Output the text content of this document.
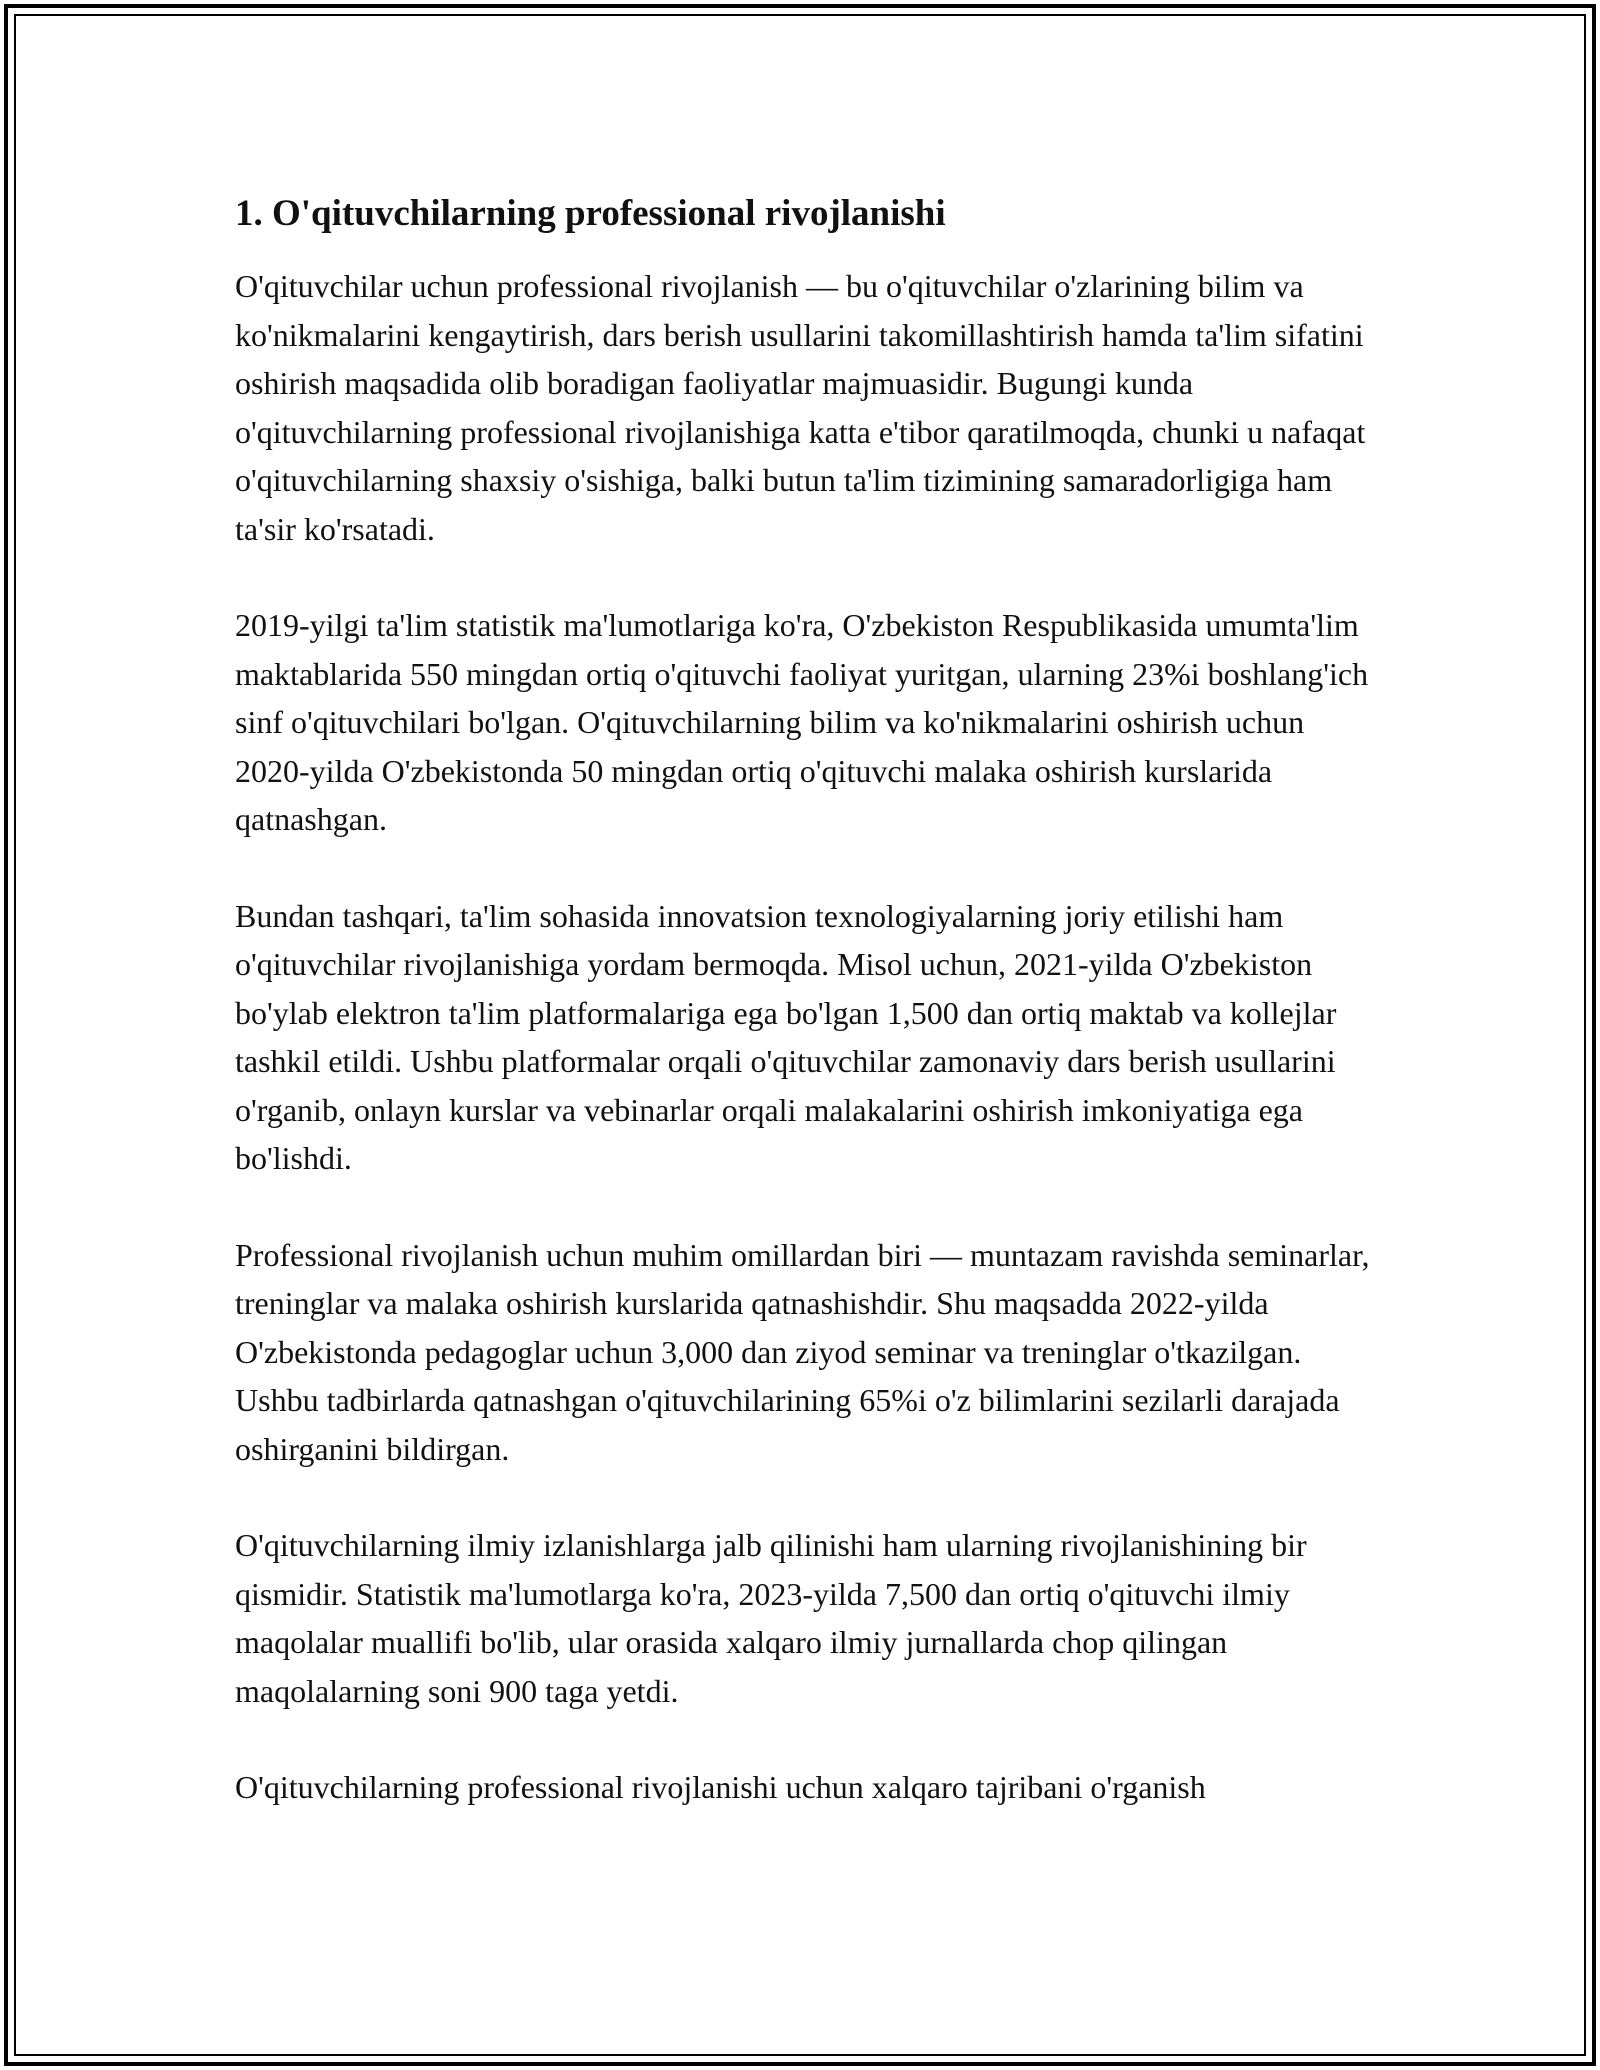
1. O'qituvchilarning professional rivojlanishi

O'qituvchilar uchun professional rivojlanish — bu o'qituvchilar o'zlarining bilim va ko'nikmalarini kengaytirish, dars berish usullarini takomillashtirish hamda ta'lim sifatini oshirish maqsadida olib boradigan faoliyatlar majmuasidir. Bugungi kunda o'qituvchilarning professional rivojlanishiga katta e'tibor qaratilmoqda, chunki u nafaqat o'qituvchilarning shaxsiy o'sishiga, balki butun ta'lim tizimining samaradorligiga ham ta'sir ko'rsatadi.

2019-yilgi ta'lim statistik ma'lumotlariga ko'ra, O'zbekiston Respublikasida umumta'lim maktablarida 550 mingdan ortiq o'qituvchi faoliyat yuritgan, ularning 23%i boshlang'ich sinf o'qituvchilari bo'lgan. O'qituvchilarning bilim va ko'nikmalarini oshirish uchun 2020-yilda O'zbekistonda 50 mingdan ortiq o'qituvchi malaka oshirish kurslarida qatnashgan.

Bundan tashqari, ta'lim sohasida innovatsion texnologiyalarning joriy etilishi ham o'qituvchilar rivojlanishiga yordam bermoqda. Misol uchun, 2021-yilda O'zbekiston bo'ylab elektron ta'lim platformalariga ega bo'lgan 1,500 dan ortiq maktab va kollejlar tashkil etildi. Ushbu platformalar orqali o'qituvchilar zamonaviy dars berish usullarini o'rganib, onlayn kurslar va vebinarlar orqali malakalarini oshirish imkoniyatiga ega bo'lishdi.

Professional rivojlanish uchun muhim omillardan biri — muntazam ravishda seminarlar, treninglar va malaka oshirish kurslarida qatnashishdir. Shu maqsadda 2022-yilda O'zbekistonda pedagoglar uchun 3,000 dan ziyod seminar va treninglar o'tkazilgan. Ushbu tadbirlarda qatnashgan o'qituvchilarining 65%i o'z bilimlarini sezilarli darajada oshirganini bildirgan.

O'qituvchilarning ilmiy izlanishlarga jalb qilinishi ham ularning rivojlanishining bir qismidir. Statistik ma'lumotlarga ko'ra, 2023-yilda 7,500 dan ortiq o'qituvchi ilmiy maqolalar muallifi bo'lib, ular orasida xalqaro ilmiy jurnallarda chop qilingan maqolalarning soni 900 taga yetdi.

O'qituvchilarning professional rivojlanishi uchun xalqaro tajribani o'rganish
